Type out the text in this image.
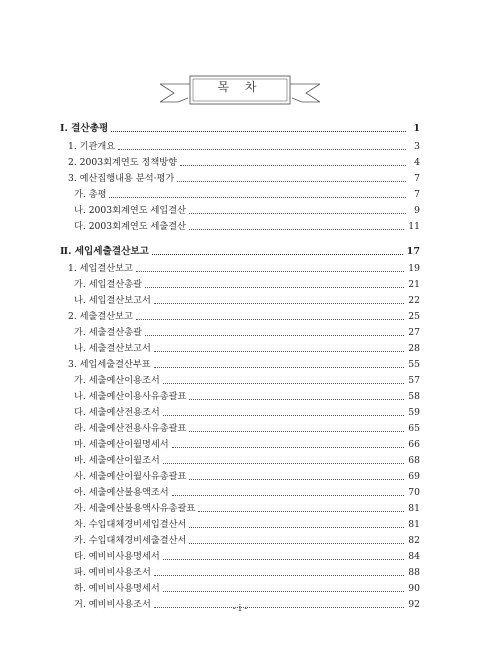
목 차
Ⅰ. 결산총평	1
1. 기관개요	3
2. 2003회계연도 정책방향	4
3. 예산집행내용 분석·평가	7
가. 총평	7
나. 2003회계연도 세입결산	9
다. 2003회계연도 세출결산	11
Ⅱ. 세입세출결산보고	17
1. 세입결산보고	19
가. 세입결산총괄	21
나. 세입결산보고서	22
2. 세출결산보고	25
가. 세출결산총괄	27
나. 세출결산보고서	28
3. 세입세출결산부표	55
가. 세출예산이용조서	57
나. 세출예산이용사유총괄표	58
다. 세출예산전용조서	59
라. 세출예산전용사유총괄표	65
마. 세출예산이월명세서	66
바. 세출예산이월조서	68
사. 세출예산이월사유총괄표	69
아. 세출예산불용액조서	70
자. 세출예산불용액사유총괄표	81
차. 수입대체경비세입결산서	81
카. 수입대체경비세출결산서	82
타. 예비비사용명세서	84
파. 예비비사용조서	88
하. 예비비사용명세서	90
거. 예비비사용조서	92
- i -
